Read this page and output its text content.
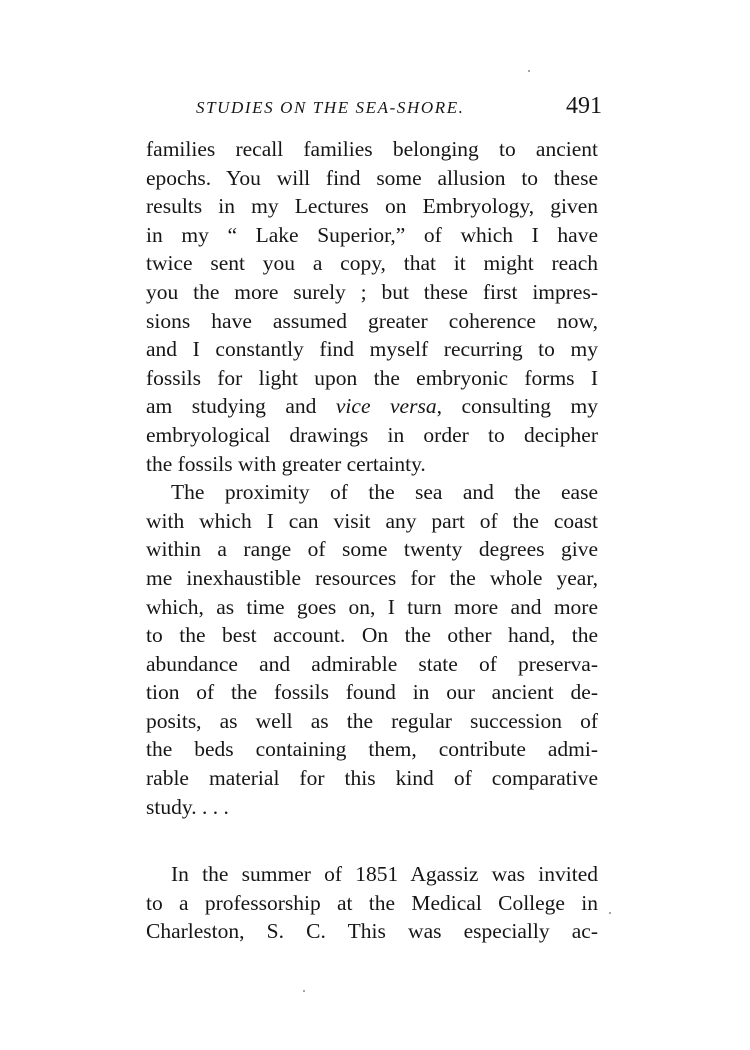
STUDIES ON THE SEA-SHORE.	491
families recall families belonging to ancient
epochs. You will find some allusion to these
results in my Lectures on Embryology, given
in my “ Lake Superior,” of which I have
twice sent you a copy, that it might reach
you the more surely ; but these first impres-
sions have assumed greater coherence now,
and I constantly find myself recurring to my
fossils for light upon the embryonic forms I
am studying and vice versa, consulting my
embryological drawings in order to decipher
the fossils with greater certainty.
The proximity of the sea and the ease
with which I can visit any part of the coast
within a range of some twenty degrees give
me inexhaustible resources for the whole year,
which, as time goes on, I turn more and more
to the best account. On the other hand, the
abundance and admirable state of preserva-
tion of the fossils found in our ancient de-
posits, as well as the regular succession of
the beds containing them, contribute admi-
rable material for this kind of comparative
study. . . .
In the summer of 1851 Agassiz was invited
to a professorship at the Medical College in
Charleston, S. C. This was especially ac-
